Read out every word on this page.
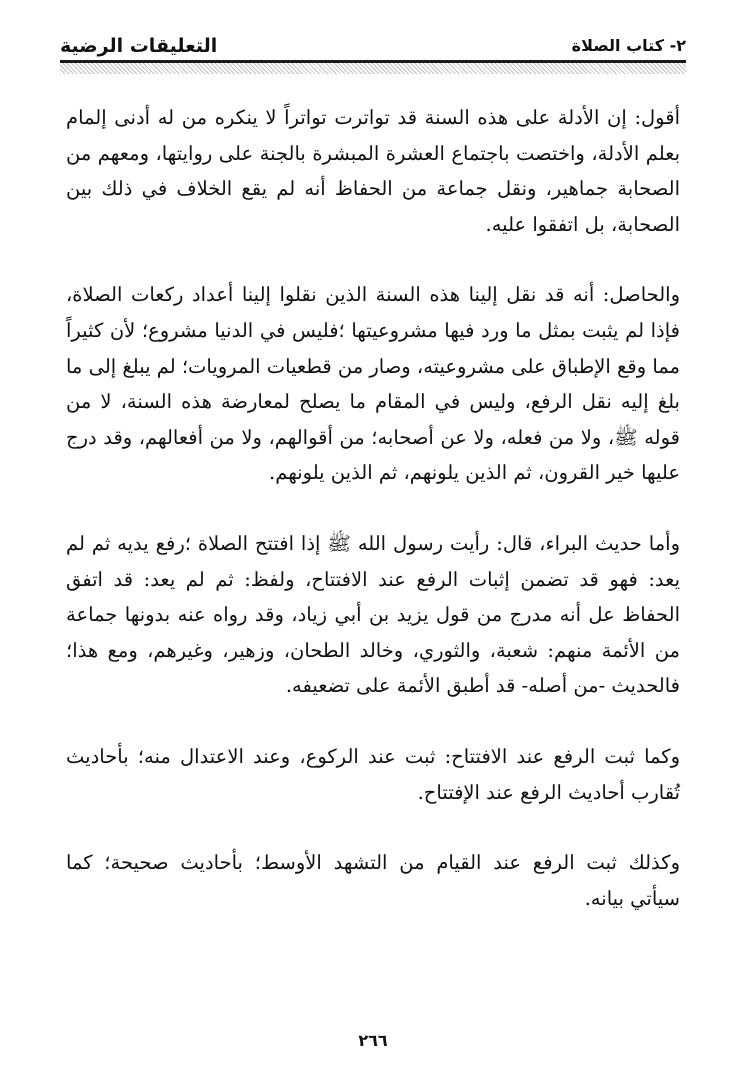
٢- كتاب الصلاة
التعليقات الرضية

أقول: إن الأدلة على هذه السنة قد تواترت تواتراً لا ينكره من له أدنى إلمام بعلم الأدلة، واختصت باجتماع العشرة المبشرة بالجنة على روايتها، ومعهم من الصحابة جماهير، ونقل جماعة من الحفاظ أنه لم يقع الخلاف في ذلك بين الصحابة، بل اتفقوا عليه.

والحاصل: أنه قد نقل إلينا هذه السنة الذين نقلوا إلينا أعداد ركعات الصلاة، فإذا لم يثبت بمثل ما ورد فيها مشروعيتها ؛فليس في الدنيا مشروع؛ لأن كثيراً مما وقع الإطباق على مشروعيته، وصار من قطعيات المرويات؛ لم يبلغ إلى ما بلغ إليه نقل الرفع، وليس في المقام ما يصلح لمعارضة هذه السنة، لا من قوله ﷺ، ولا من فعله، ولا عن أصحابه؛ من أقوالهم، ولا من أفعالهم، وقد درج عليها خير القرون، ثم الذين يلونهم، ثم الذين يلونهم.

وأما حديث البراء، قال: رأيت رسول الله ﷺ إذا افتتح الصلاة ؛رفع يديه ثم لم يعد: فهو قد تضمن إثبات الرفع عند الافتتاح، ولفظ: ثم لم يعد: قد اتفق الحفاظ عل أنه مدرج من قول يزيد بن أبي زياد، وقد رواه عنه بدونها جماعة من الأئمة منهم: شعبة، والثوري، وخالد الطحان، وزهير، وغيرهم، ومع هذا؛ فالحديث -من أصله- قد أطبق الأئمة على تضعيفه.

وكما ثبت الرفع عند الافتتاح: ثبت عند الركوع، وعند الاعتدال منه؛ بأحاديث تُقارب أحاديث الرفع عند الإفتتاح.

وكذلك ثبت الرفع عند القيام من التشهد الأوسط؛ بأحاديث صحيحة؛ كما سيأتي بيانه.

٢٦٦
